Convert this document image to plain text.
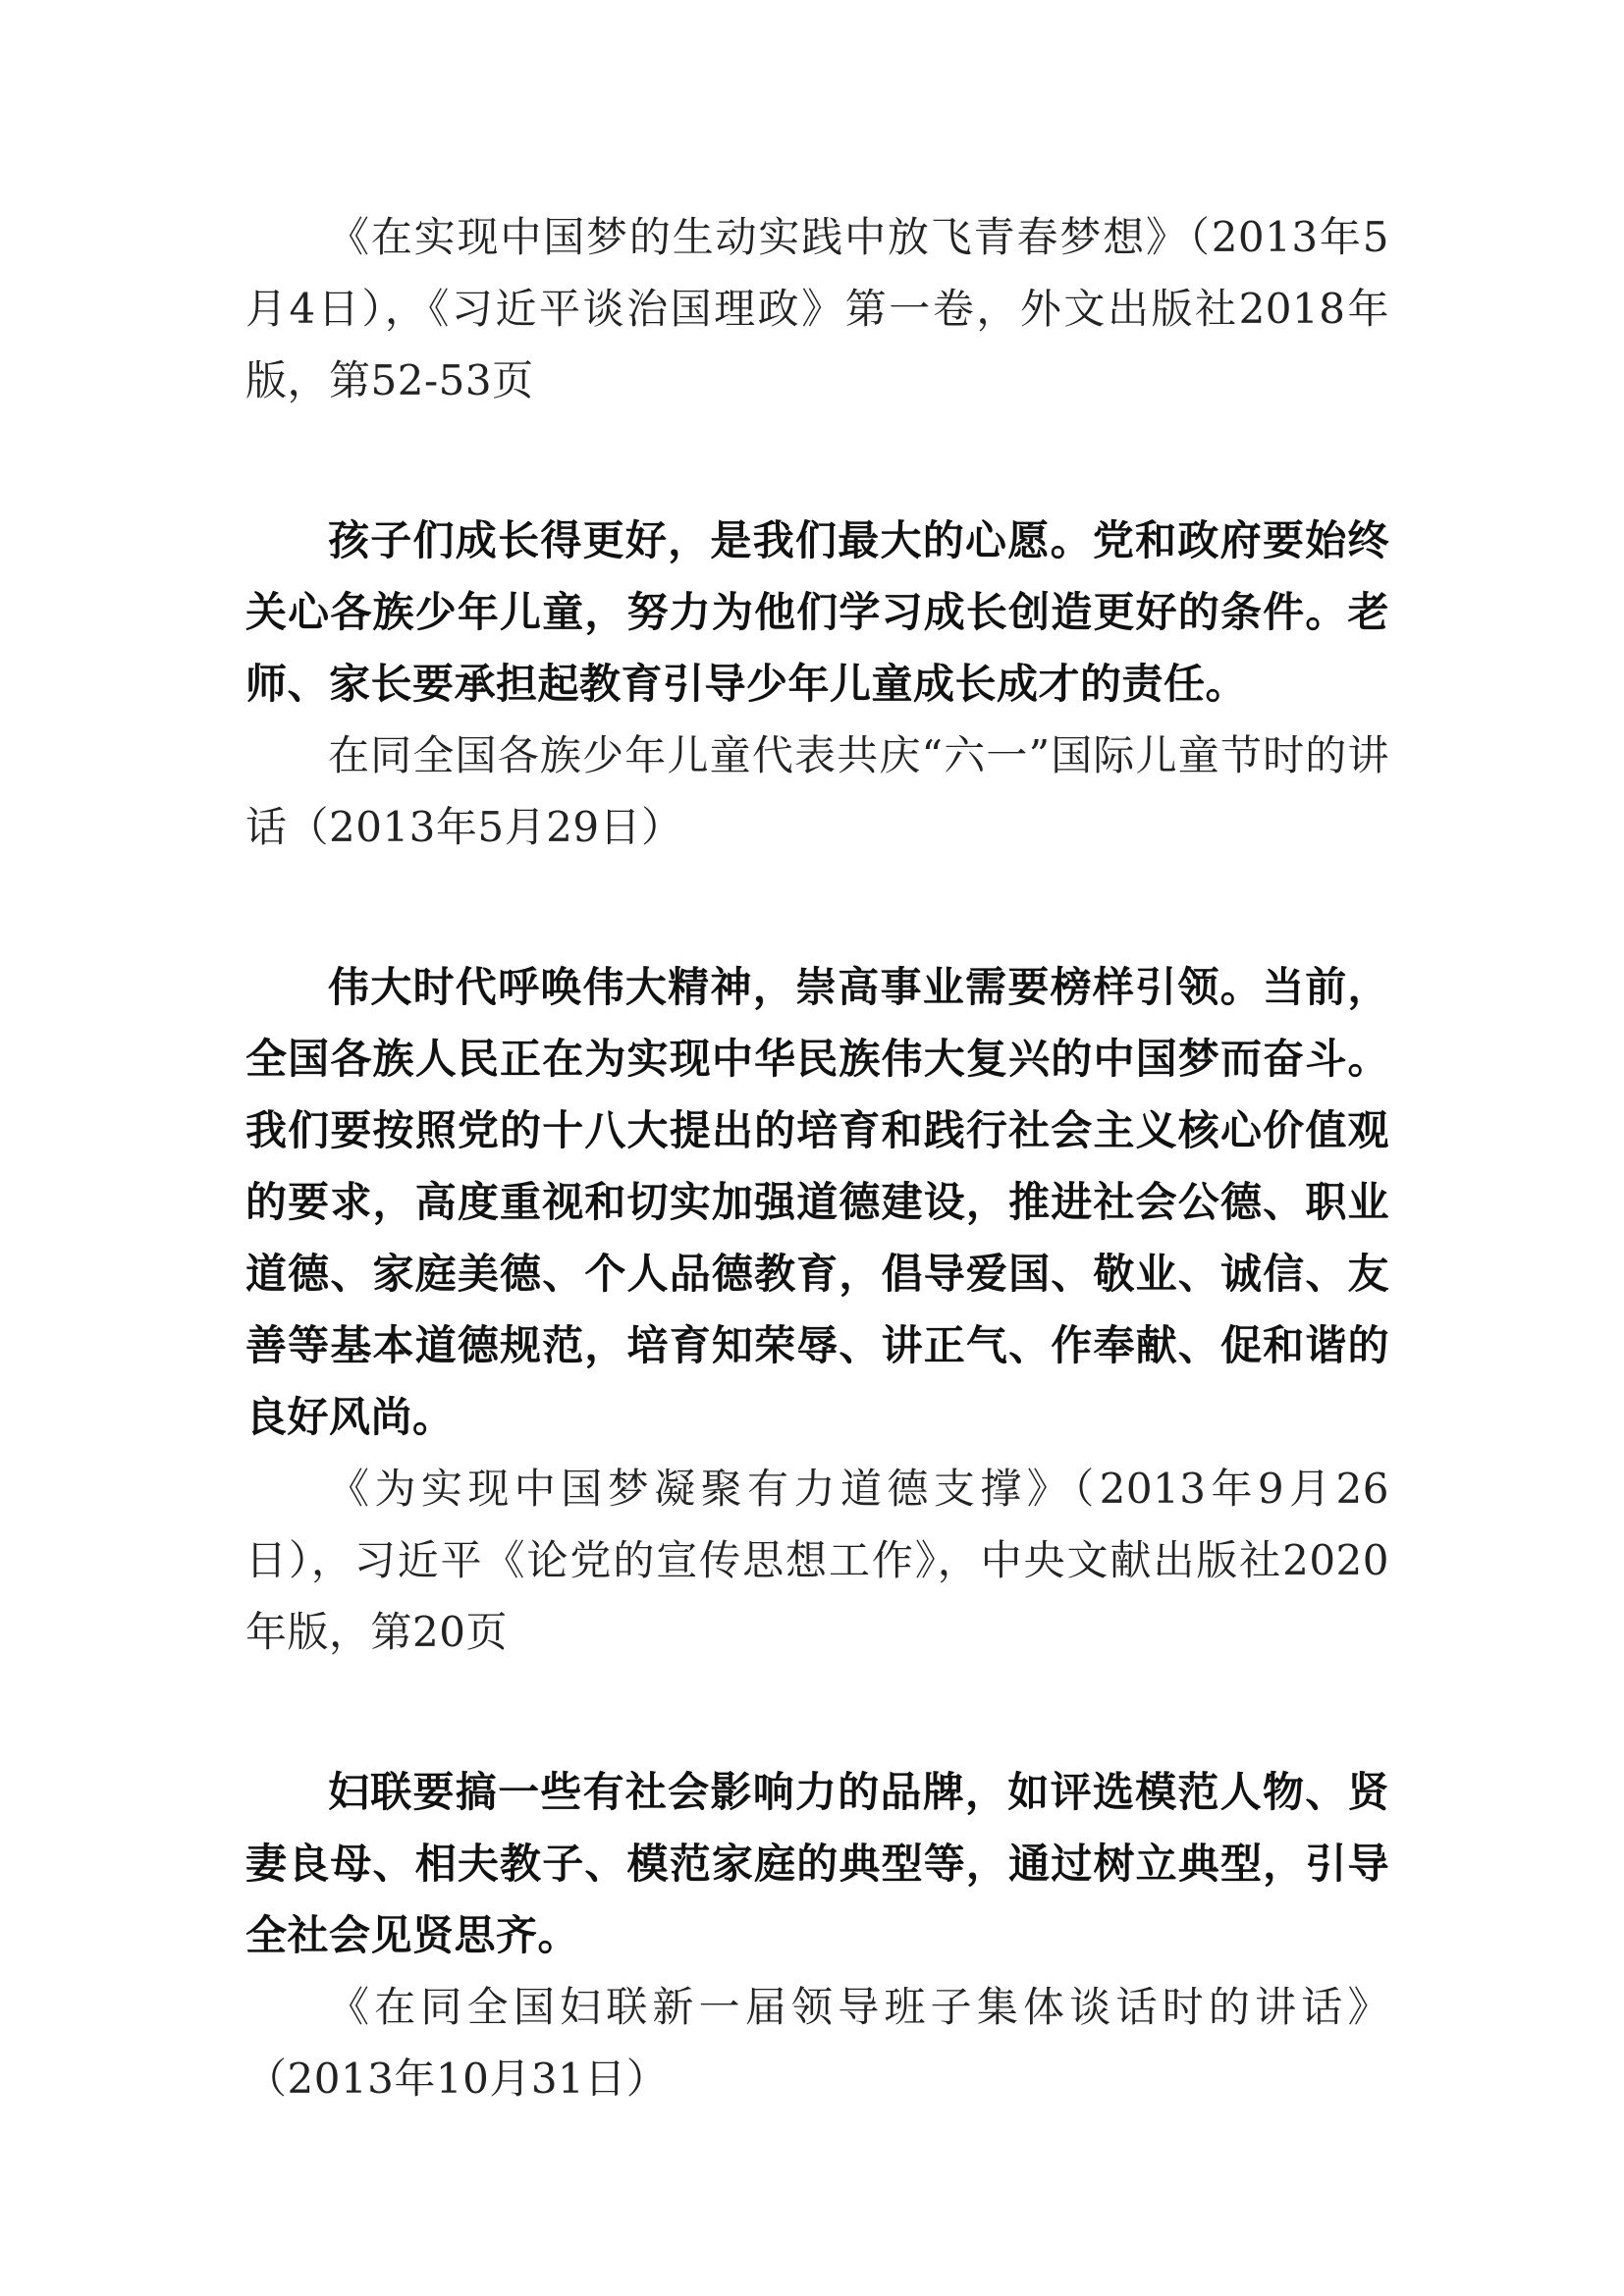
《在实现中国梦的生动实践中放飞青春梦想》（2013年5月4日），《习近平谈治国理政》第一卷，外文出版社2018年版，第52-53页

孩子们成长得更好，是我们最大的心愿。党和政府要始终关心各族少年儿童，努力为他们学习成长创造更好的条件。老师、家长要承担起教育引导少年儿童成长成才的责任。

在同全国各族少年儿童代表共庆“六一”国际儿童节时的讲话（2013年5月29日）

伟大时代呼唤伟大精神，崇高事业需要榜样引领。当前，全国各族人民正在为实现中华民族伟大复兴的中国梦而奋斗。我们要按照党的十八大提出的培育和践行社会主义核心价值观的要求，高度重视和切实加强道德建设，推进社会公德、职业道德、家庭美德、个人品德教育，倡导爱国、敬业、诚信、友善等基本道德规范，培育知荣辱、讲正气、作奉献、促和谐的良好风尚。

《为实现中国梦凝聚有力道德支撑》（2013年9月26日），习近平《论党的宣传思想工作》，中央文献出版社2020年版，第20页

妇联要搞一些有社会影响力的品牌，如评选模范人物、贤妻良母、相夫教子、模范家庭的典型等，通过树立典型，引导全社会见贤思齐。

《在同全国妇联新一届领导班子集体谈话时的讲话》（2013年10月31日）
